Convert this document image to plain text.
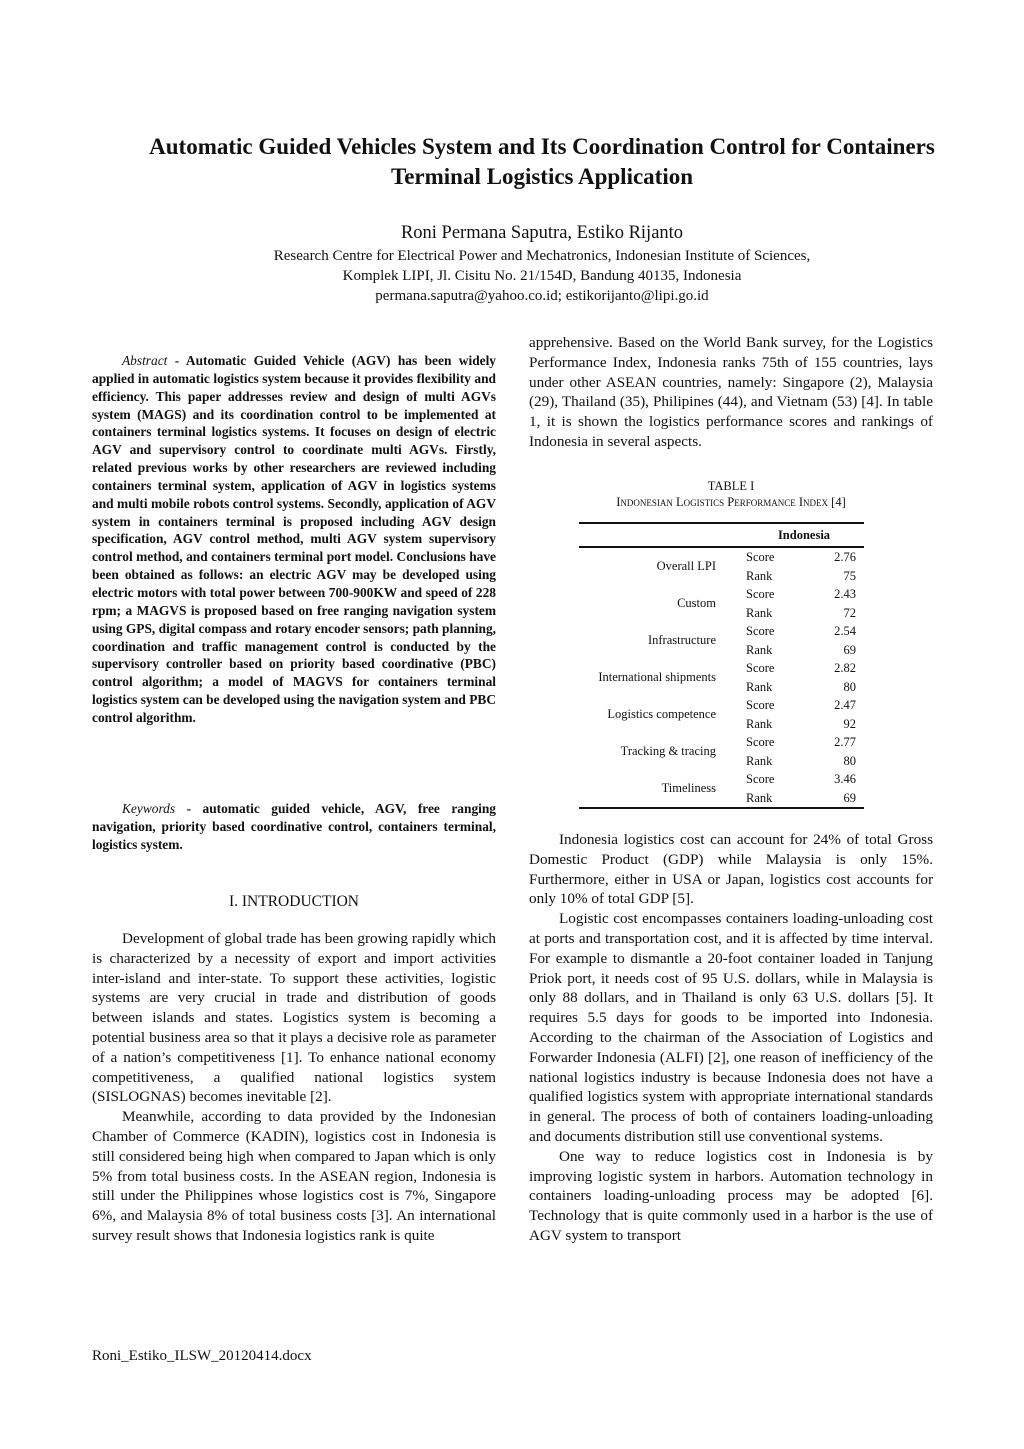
Automatic Guided Vehicles System and Its Coordination Control for Containers Terminal Logistics Application
Roni Permana Saputra, Estiko Rijanto
Research Centre for Electrical Power and Mechatronics, Indonesian Institute of Sciences,
Komplek LIPI, Jl. Cisitu No. 21/154D, Bandung 40135, Indonesia
permana.saputra@yahoo.co.id; estikorijanto@lipi.go.id

Abstract - Automatic Guided Vehicle (AGV) has been widely applied in automatic logistics system because it provides flexibility and efficiency. This paper addresses review and design of multi AGVs system (MAGS) and its coordination control to be implemented at containers terminal logistics systems. It focuses on design of electric AGV and supervisory control to coordinate multi AGVs. Firstly, related previous works by other researchers are reviewed including containers terminal system, application of AGV in logistics systems and multi mobile robots control systems. Secondly, application of AGV system in containers terminal is proposed including AGV design specification, AGV control method, multi AGV system supervisory control method, and containers terminal port model. Conclusions have been obtained as follows: an electric AGV may be developed using electric motors with total power between 700-900KW and speed of 228 rpm; a MAGVS is proposed based on free ranging navigation system using GPS, digital compass and rotary encoder sensors; path planning, coordination and traffic management control is conducted by the supervisory controller based on priority based coordinative (PBC) control algorithm; a model of MAGVS for containers terminal logistics system can be developed using the navigation system and PBC control algorithm.

Keywords - automatic guided vehicle, AGV, free ranging navigation, priority based coordinative control, containers terminal, logistics system.

I. INTRODUCTION

Development of global trade has been growing rapidly which is characterized by a necessity of export and import activities inter-island and inter-state. To support these activities, logistic systems are very crucial in trade and distribution of goods between islands and states. Logistics system is becoming a potential business area so that it plays a decisive role as parameter of a nation’s competitiveness [1]. To enhance national economy competitiveness, a qualified national logistics system (SISLOGNAS) becomes inevitable [2].

Meanwhile, according to data provided by the Indonesian Chamber of Commerce (KADIN), logistics cost in Indonesia is still considered being high when compared to Japan which is only 5% from total business costs. In the ASEAN region, Indonesia is still under the Philippines whose logistics cost is 7%, Singapore 6%, and Malaysia 8% of total business costs [3]. An international survey result shows that Indonesia logistics rank is quite

apprehensive. Based on the World Bank survey, for the Logistics Performance Index, Indonesia ranks 75th of 155 countries, lays under other ASEAN countries, namely: Singapore (2), Malaysia (29), Thailand (35), Philipines (44), and Vietnam (53) [4]. In table 1, it is shown the logistics performance scores and rankings of Indonesia in several aspects.

TABLE I
Indonesian Logistics Performance Index [4]
	Indonesia	
Overall LPI	Score	2.76
	Rank	75
Custom	Score	2.43
	Rank	72
Infrastructure	Score	2.54
	Rank	69
International shipments	Score	2.82
	Rank	80
Logistics competence	Score	2.47
	Rank	92
Tracking & tracing	Score	2.77
	Rank	80
Timeliness	Score	3.46
	Rank	69

Indonesia logistics cost can account for 24% of total Gross Domestic Product (GDP) while Malaysia is only 15%. Furthermore, either in USA or Japan, logistics cost accounts for only 10% of total GDP [5].

Logistic cost encompasses containers loading-unloading cost at ports and transportation cost, and it is affected by time interval. For example to dismantle a 20-foot container loaded in Tanjung Priok port, it needs cost of 95 U.S. dollars, while in Malaysia is only 88 dollars, and in Thailand is only 63 U.S. dollars [5]. It requires 5.5 days for goods to be imported into Indonesia. According to the chairman of the Association of Logistics and Forwarder Indonesia (ALFI) [2], one reason of inefficiency of the national logistics industry is because Indonesia does not have a qualified logistics system with appropriate international standards in general. The process of both of containers loading-unloading and documents distribution still use conventional systems.

One way to reduce logistics cost in Indonesia is by improving logistic system in harbors. Automation technology in containers loading-unloading process may be adopted [6]. Technology that is quite commonly used in a harbor is the use of AGV system to transport

Roni_Estiko_ILSW_20120414.docx
